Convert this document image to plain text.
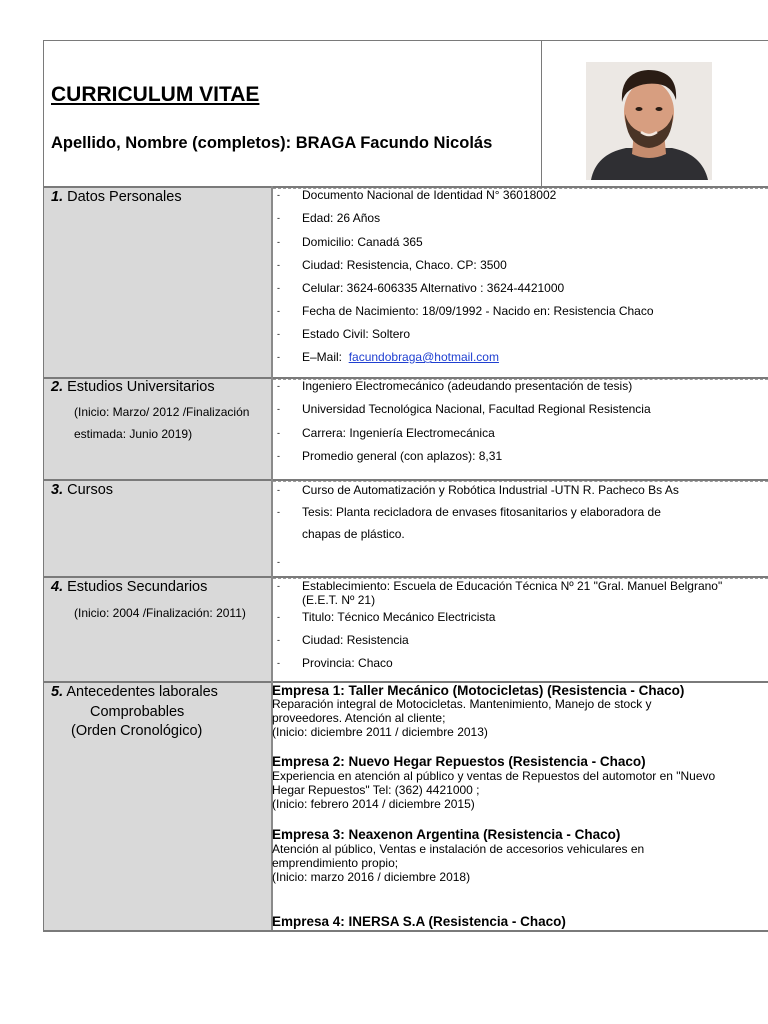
CURRICULUM VITAE
Apellido, Nombre (completos): BRAGA Facundo Nicolás
1. Datos Personales	- Documento Nacional de Identidad N° 36018002
- Edad: 26 Años
- Domicilio: Canadá 365
- Ciudad: Resistencia, Chaco. CP: 3500
- Celular: 3624-606335 Alternativo : 3624-4421000
- Fecha de Nacimiento: 18/09/1992 - Nacido en: Resistencia Chaco
- Estado Civil: Soltero
- E–Mail: facundobraga@hotmail.com
2. Estudios Universitarios
(Inicio: Marzo/ 2012 /Finalización
estimada: Junio 2019)
- Ingeniero Electromecánico (adeudando presentación de tesis)
- Universidad Tecnológica Nacional, Facultad Regional Resistencia
- Carrera: Ingeniería Electromecánica
- Promedio general (con aplazos): 8,31
3. Cursos	- Curso de Automatización y Robótica Industrial -UTN R. Pacheco Bs As
- Tesis: Planta recicladora de envases fitosanitarios y elaboradora de
chapas de plástico.
-
4. Estudios Secundarios
(Inicio: 2004 /Finalización: 2011)
- Establecimiento: Escuela de Educación Técnica Nº 21 "Gral. Manuel Belgrano"
(E.E.T. Nº 21)
- Titulo: Técnico Mecánico Electricista
- Ciudad: Resistencia
- Provincia: Chaco
5. Antecedentes laborales
Comprobables
(Orden Cronológico)
Empresa 1: Taller Mecánico (Motocicletas) (Resistencia - Chaco)
Reparación integral de Motocicletas. Mantenimiento, Manejo de stock y
proveedores. Atención al cliente;
(Inicio: diciembre 2011 / diciembre 2013)
Empresa 2: Nuevo Hegar Repuestos (Resistencia - Chaco)
Experiencia en atención al público y ventas de Repuestos del automotor en "Nuevo
Hegar Repuestos" Tel: (362) 4421000 ;
(Inicio: febrero 2014 / diciembre 2015)
Empresa 3: Neaxenon Argentina (Resistencia - Chaco)
Atención al público, Ventas e instalación de accesorios vehiculares en
emprendimiento propio;
(Inicio: marzo 2016 / diciembre 2018)
Empresa 4: INERSA S.A (Resistencia - Chaco)
